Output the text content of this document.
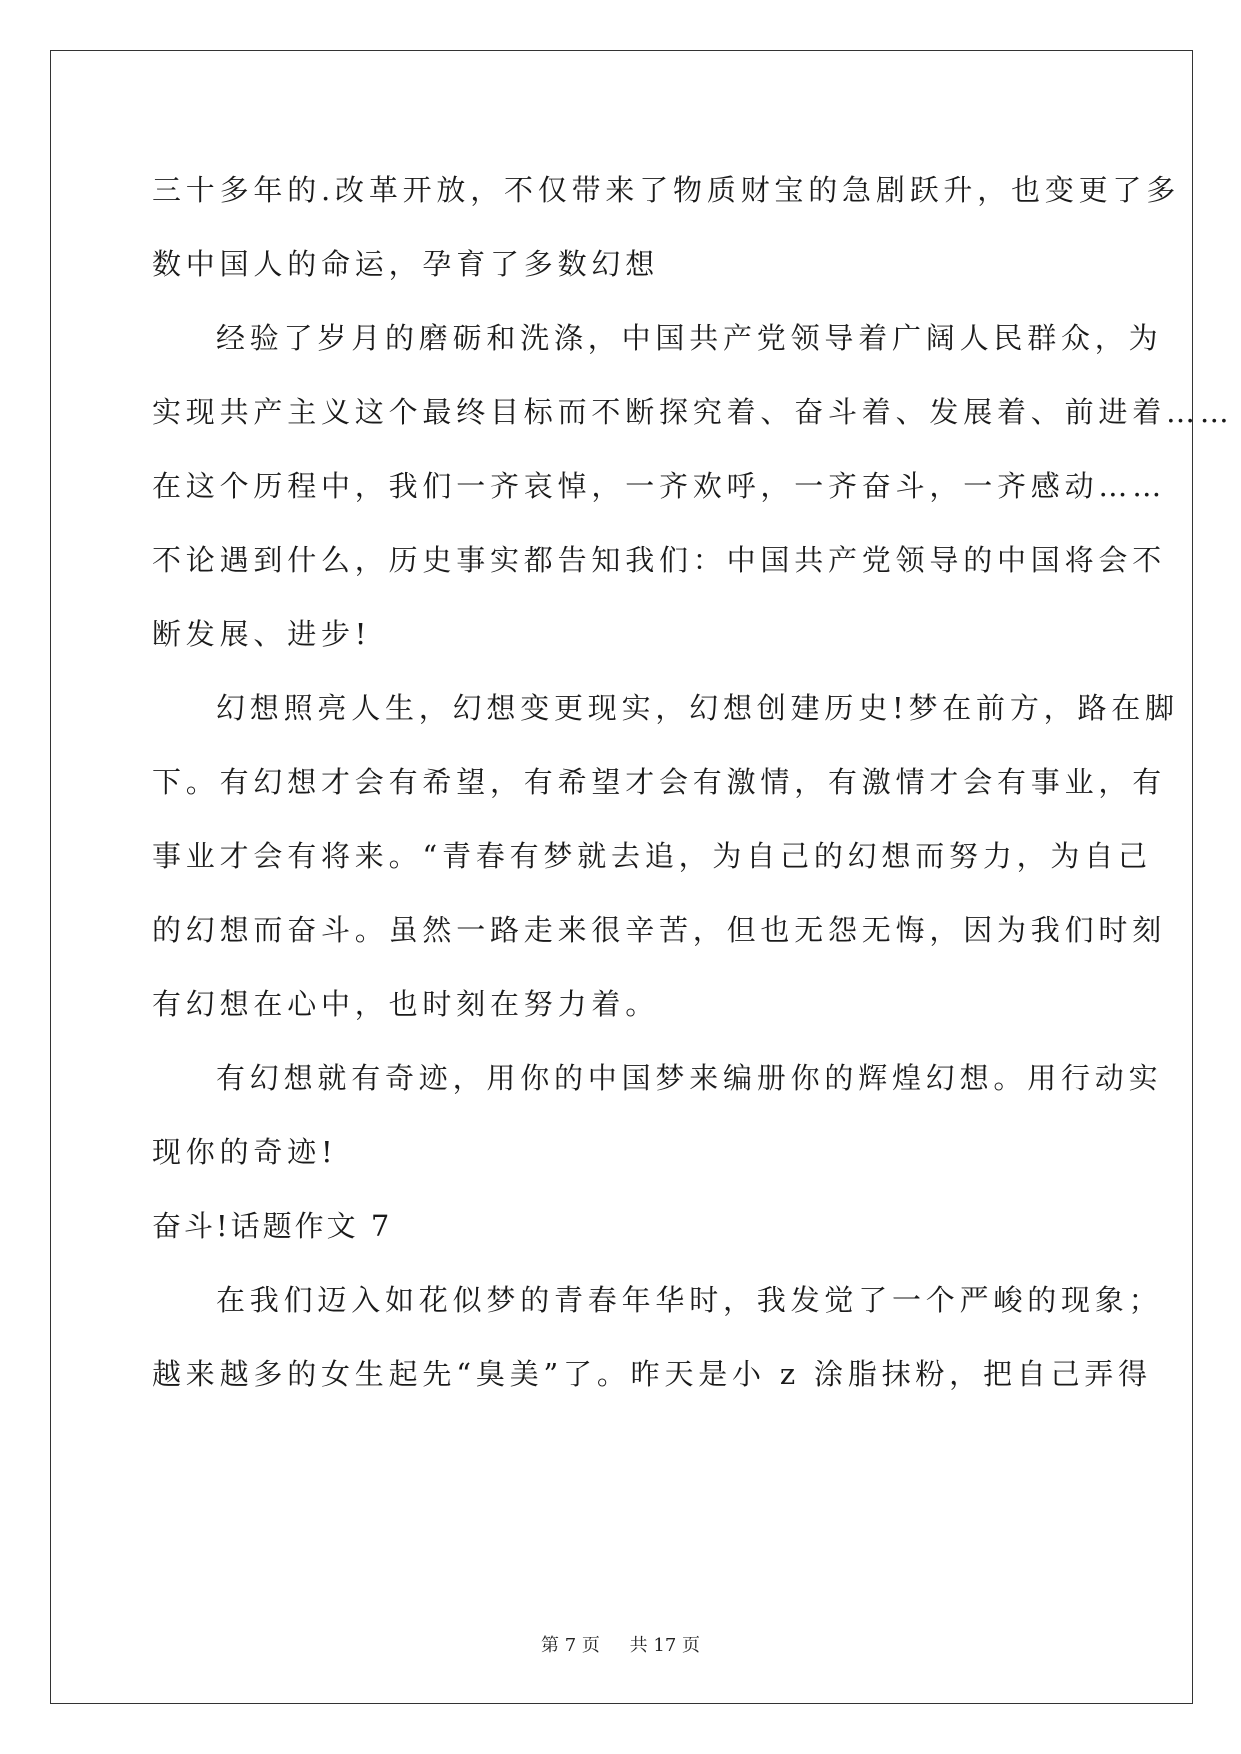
三十多年的.改革开放，不仅带来了物质财宝的急剧跃升，也变更了多
数中国人的命运，孕育了多数幻想
经验了岁月的磨砺和洗涤，中国共产党领导着广阔人民群众，为
实现共产主义这个最终目标而不断探究着、奋斗着、发展着、前进着……
在这个历程中，我们一齐哀悼，一齐欢呼，一齐奋斗，一齐感动……
不论遇到什么，历史事实都告知我们：中国共产党领导的中国将会不
断发展、进步!
幻想照亮人生，幻想变更现实，幻想创建历史!梦在前方，路在脚
下。有幻想才会有希望，有希望才会有激情，有激情才会有事业，有
事业才会有将来。“青春有梦就去追，为自己的幻想而努力，为自己
的幻想而奋斗。虽然一路走来很辛苦，但也无怨无悔，因为我们时刻
有幻想在心中，也时刻在努力着。
有幻想就有奇迹，用你的中国梦来编册你的辉煌幻想。用行动实
现你的奇迹!
奋斗!话题作文 7
在我们迈入如花似梦的青春年华时，我发觉了一个严峻的现象；
越来越多的女生起先“臭美”了。昨天是小 z 涂脂抹粉，把自己弄得
第 7 页 共 17 页
